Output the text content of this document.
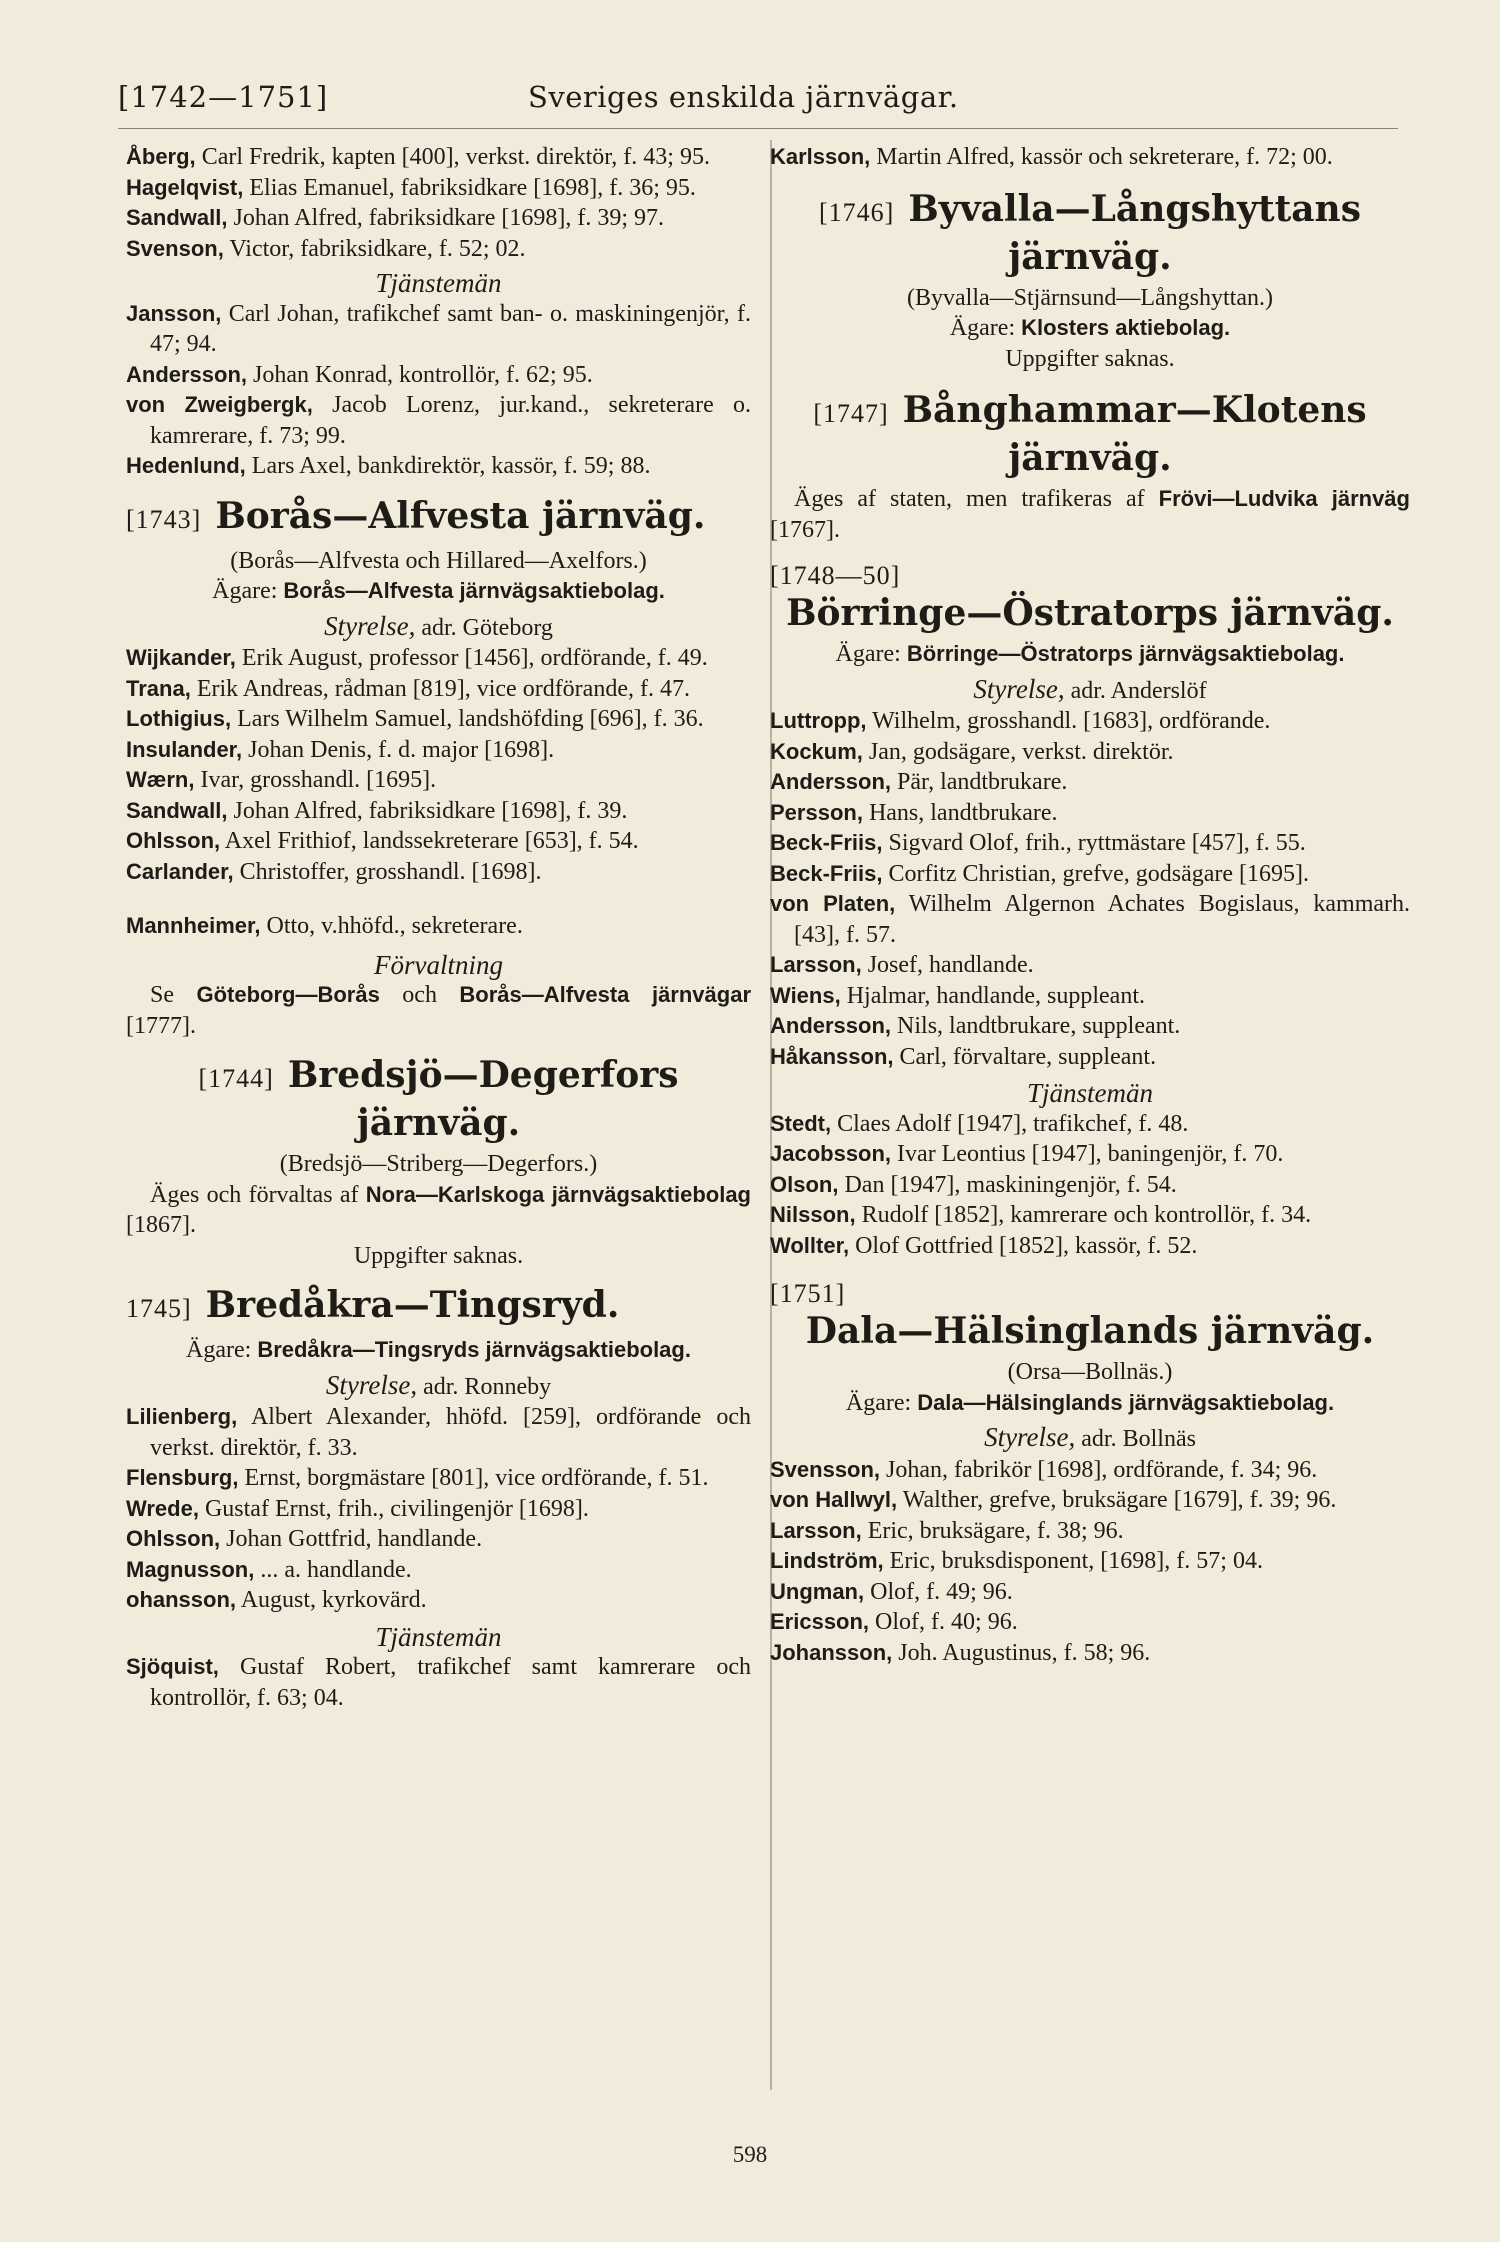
[1742—1751]	Sveriges enskilda järnvägar.

Åberg, Carl Fredrik, kapten [400], verkst. direktör, f. 43; 95.

Hagelqvist, Elias Emanuel, fabriksidkare [1698], f. 36; 95.

Sandwall, Johan Alfred, fabriksidkare [1698], f. 39; 97.

Svenson, Victor, fabriksidkare, f. 52; 02.

Tjänstemän

Jansson, Carl Johan, trafikchef samt ban- o. maskiningenjör, f. 47; 94.

Andersson, Johan Konrad, kontrollör, f. 62; 95.

von Zweigbergk, Jacob Lorenz, jur.kand., sekreterare o. kamrerare, f. 73; 99.

Hedenlund, Lars Axel, bankdirektör, kassör, f. 59; 88.

[1743] Borås—Alfvesta järnväg.

(Borås—Alfvesta och Hillared—Axelfors.)

Ägare: Borås—Alfvesta järnvägsaktiebolag.

Styrelse, adr. Göteborg

Wijkander, Erik August, professor [1456], ordförande, f. 49.

Trana, Erik Andreas, rådman [819], vice ordförande, f. 47.

Lothigius, Lars Wilhelm Samuel, landshöfding [696], f. 36.

Insulander, Johan Denis, f. d. major [1698].

Wærn, Ivar, grosshandl. [1695].

Sandwall, Johan Alfred, fabriksidkare [1698], f. 39.

Ohlsson, Axel Frithiof, landssekreterare [653], f. 54.

Carlander, Christoffer, grosshandl. [1698].

Mannheimer, Otto, v.hhöfd., sekreterare.

Förvaltning

Se Göteborg—Borås och Borås—Alfvesta järnvägar [1777].

[1744] Bredsjö—Degerfors
järnväg.

(Bredsjö—Striberg—Degerfors.)

Äges och förvaltas af Nora—Karlskoga järnvägsaktiebolag [1867].

Uppgifter saknas.

1745] Bredåkra—Tingsryd.

Ägare: Bredåkra—Tingsryds järnvägsaktiebolag.

Styrelse, adr. Ronneby

Lilienberg, Albert Alexander, hhöfd. [259], ordförande och verkst. direktör, f. 33.

Flensburg, Ernst, borgmästare [801], vice ordförande, f. 51.

Wrede, Gustaf Ernst, frih., civilingenjör [1698].

Ohlsson, Johan Gottfrid, handlande.

Magnusson, ... a. handlande.

ohansson, August, kyrkovärd.

Tjänstemän

Sjöquist, Gustaf Robert, trafikchef samt kamrerare och kontrollör, f. 63; 04.

Karlsson, Martin Alfred, kassör och sekreterare, f. 72; 00.

[1746] Byvalla—Långshyttans
järnväg.

(Byvalla—Stjärnsund—Långshyttan.)

Ägare: Klosters aktiebolag.

Uppgifter saknas.

[1747] Bånghammar—Klotens
järnväg.

Äges af staten, men trafikeras af Frövi—Ludvika järnväg [1767].

[1748—50]

Börringe—Östratorps järnväg.

Ägare: Börringe—Östratorps järnvägsaktiebolag.

Styrelse, adr. Anderslöf

Luttropp, Wilhelm, grosshandl. [1683], ordförande.

Kockum, Jan, godsägare, verkst. direktör.

Andersson, Pär, landtbrukare.

Persson, Hans, landtbrukare.

Beck-Friis, Sigvard Olof, frih., ryttmästare [457], f. 55.

Beck-Friis, Corfitz Christian, grefve, godsägare [1695].

von Platen, Wilhelm Algernon Achates Bogislaus, kammarh. [43], f. 57.

Larsson, Josef, handlande.

Wiens, Hjalmar, handlande, suppleant.

Andersson, Nils, landtbrukare, suppleant.

Håkansson, Carl, förvaltare, suppleant.

Tjänstemän

Stedt, Claes Adolf [1947], trafikchef, f. 48.

Jacobsson, Ivar Leontius [1947], baningenjör, f. 70.

Olson, Dan [1947], maskiningenjör, f. 54.

Nilsson, Rudolf [1852], kamrerare och kontrollör, f. 34.

Wollter, Olof Gottfried [1852], kassör, f. 52.

[1751]

Dala—Hälsinglands järnväg.

(Orsa—Bollnäs.)

Ägare: Dala—Hälsinglands järnvägsaktiebolag.

Styrelse, adr. Bollnäs

Svensson, Johan, fabrikör [1698], ordförande, f. 34; 96.

von Hallwyl, Walther, grefve, bruksägare [1679], f. 39; 96.

Larsson, Eric, bruksägare, f. 38; 96.

Lindström, Eric, bruksdisponent, [1698], f. 57; 04.

Ungman, Olof, f. 49; 96.

Ericsson, Olof, f. 40; 96.

Johansson, Joh. Augustinus, f. 58; 96.

598
